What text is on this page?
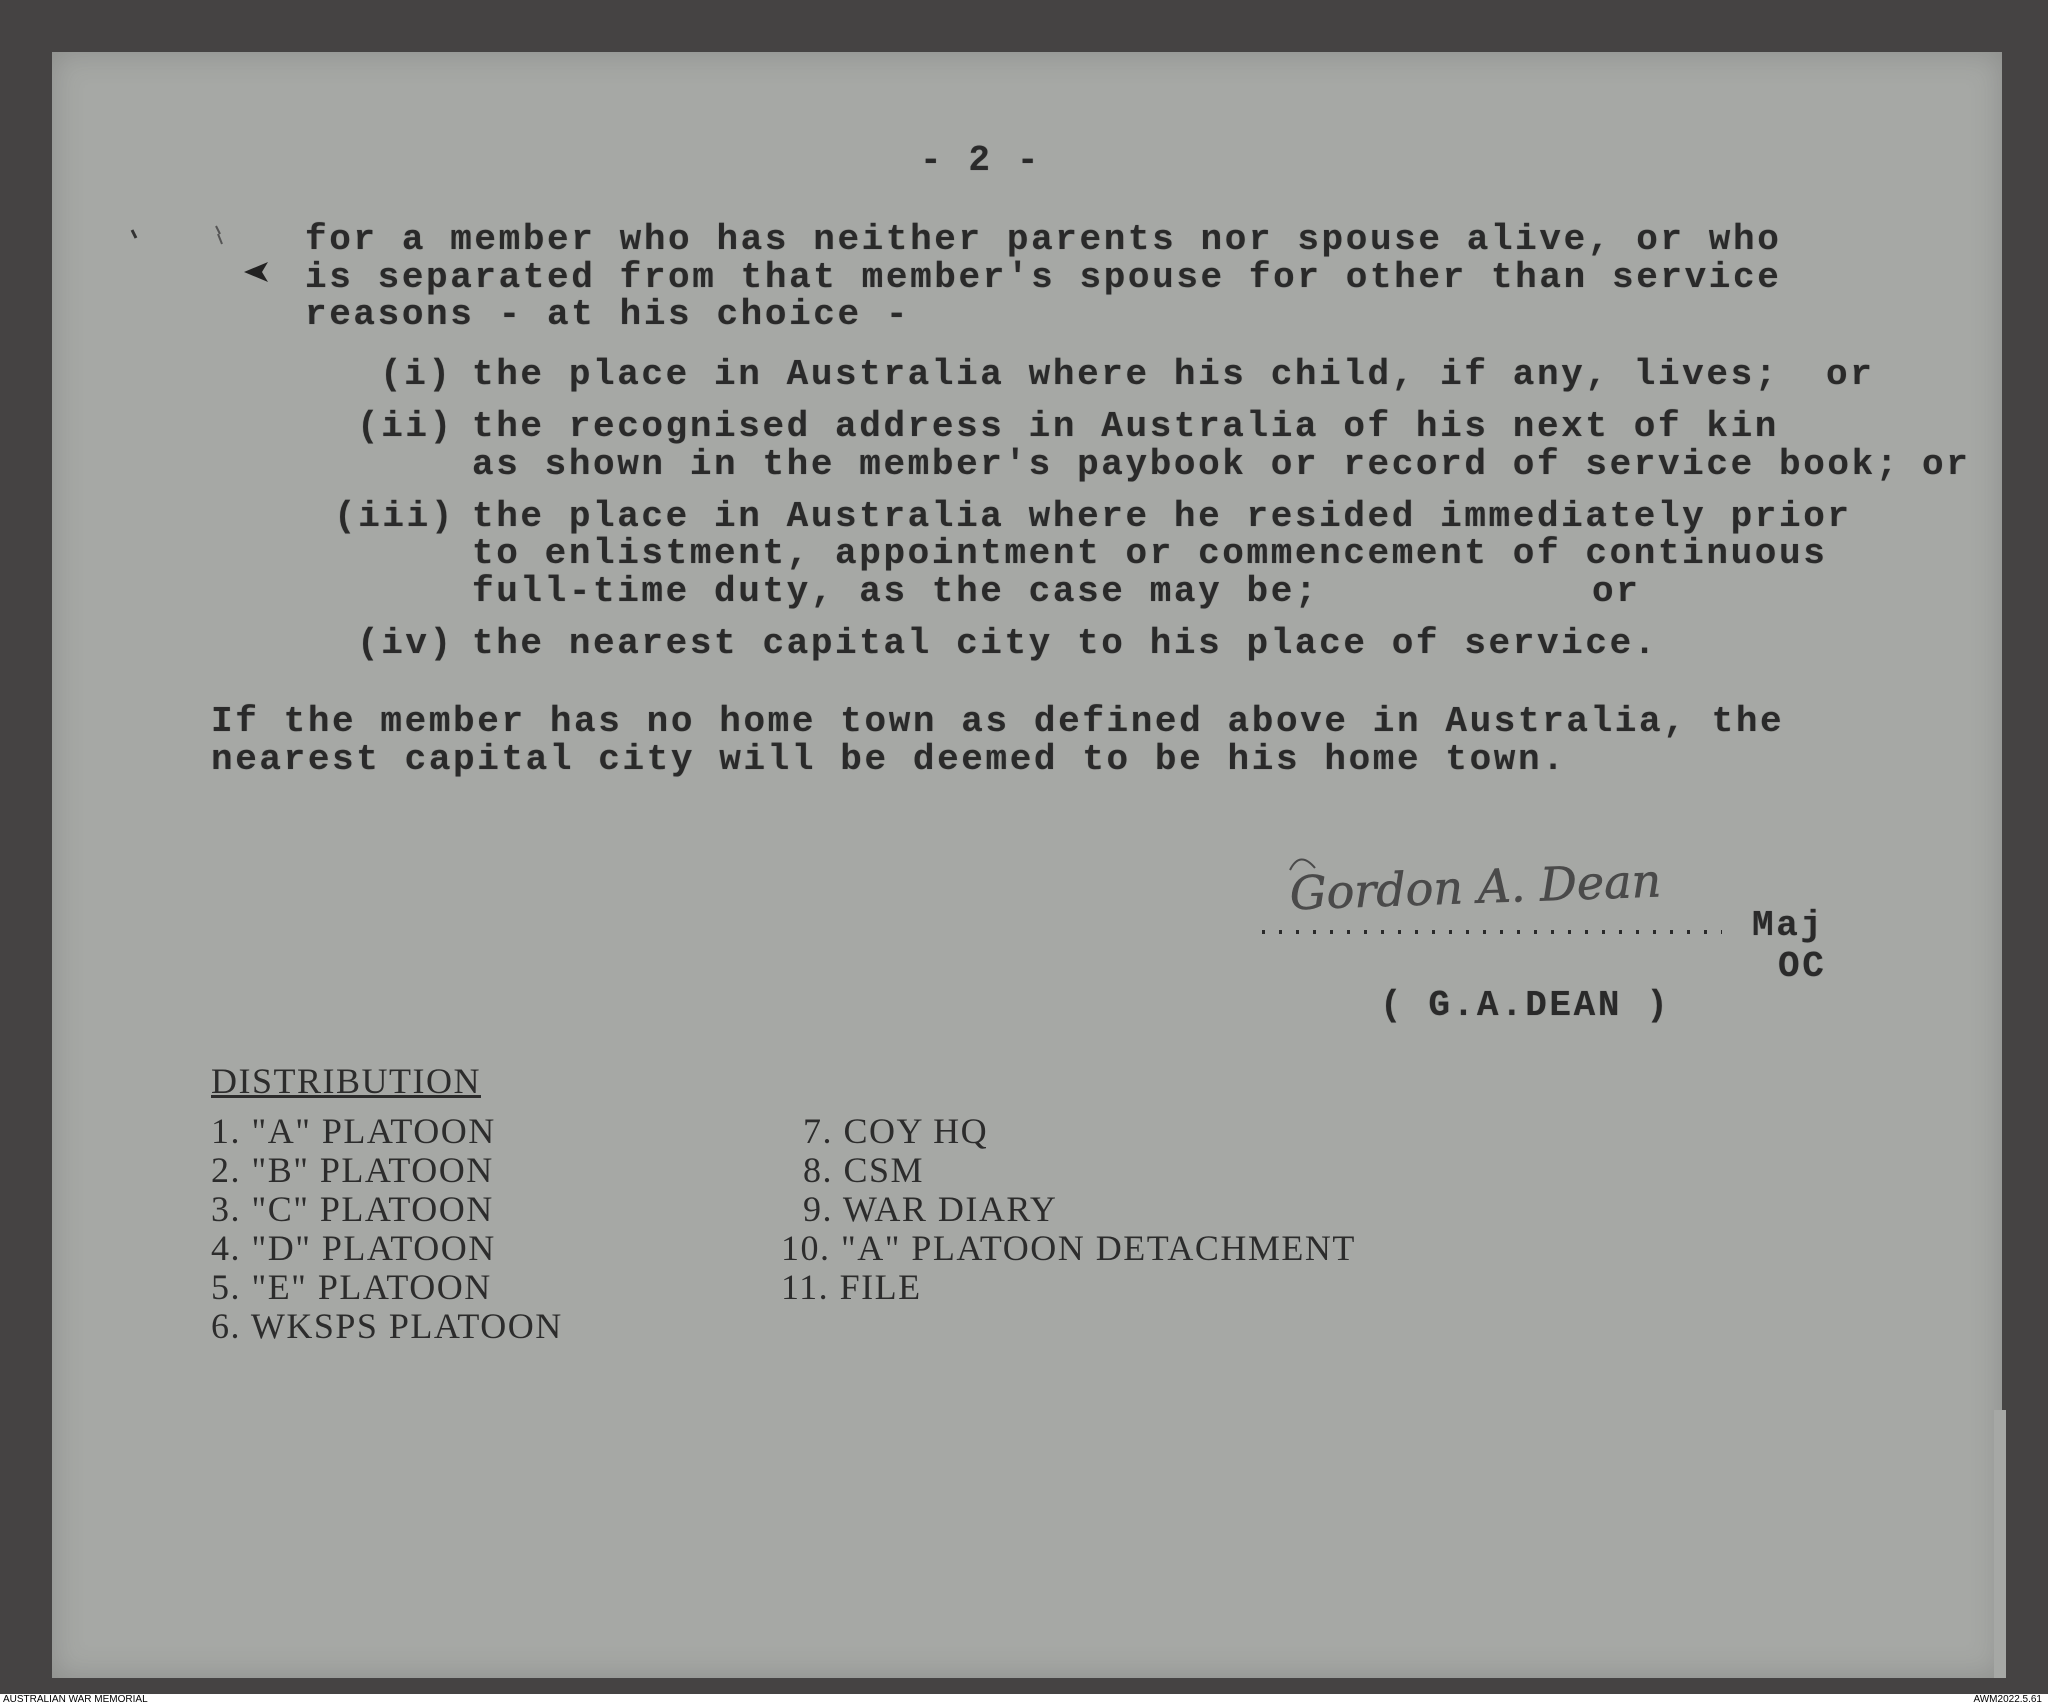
- 2 -
for a member who has neither parents nor spouse alive, or who
is separated from that member's spouse for other than service
reasons - at his choice -
(i) the place in Australia where his child, if any, lives; or
(ii) the recognised address in Australia of his next of kin
as shown in the member's paybook or record of service book; or
(iii) the place in Australia where he resided immediately prior
to enlistment, appointment or commencement of continuous
full-time duty, as the case may be;	or
(iv) the nearest capital city to his place of service.
If the member has no home town as defined above in Australia, the
nearest capital city will be deemed to be his home town.
Gordon A. Dean
Maj
OC
( G.A.DEAN )
DISTRIBUTION
1. "A" PLATOON
2. "B" PLATOON
3. "C" PLATOON
4. "D" PLATOON
5. "E" PLATOON
6. WKSPS PLATOON
7. COY HQ
8. CSM
9. WAR DIARY
10. "A" PLATOON DETACHMENT
11. FILE
AUSTRALIAN WAR MEMORIAL	AWM2022.5.61
